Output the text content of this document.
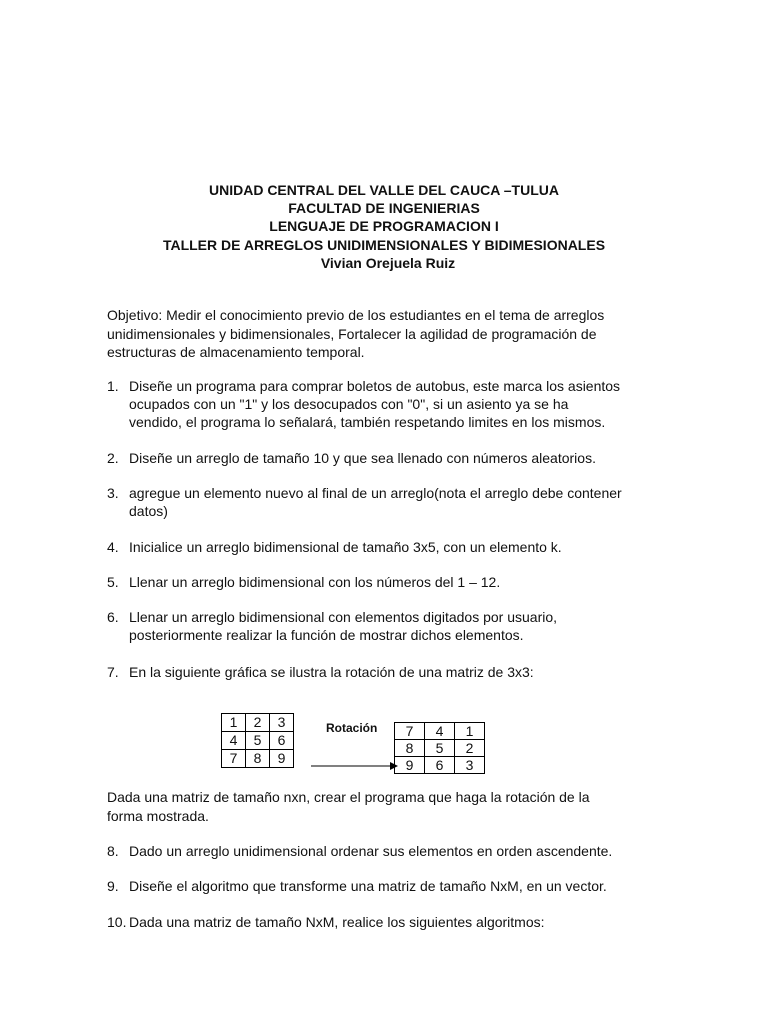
UNIDAD CENTRAL DEL VALLE DEL CAUCA –TULUA
FACULTAD DE INGENIERIAS
LENGUAJE DE PROGRAMACION I
TALLER DE ARREGLOS UNIDIMENSIONALES Y BIDIMESIONALES
Vivian Orejuela Ruiz
Objetivo: Medir el conocimiento previo de los estudiantes en el tema de arreglos
unidimensionales y bidimensionales, Fortalecer la agilidad de programación de
estructuras de almacenamiento temporal.
1. Diseñe un programa para comprar boletos de autobus, este marca los asientos
ocupados con un "1" y los desocupados con "0", si un asiento ya se ha
vendido, el programa lo señalará, también respetando limites en los mismos.
2. Diseñe un arreglo de tamaño 10 y que sea llenado con números aleatorios.
3. agregue un elemento nuevo al final de un arreglo(nota el arreglo debe contener
datos)
4. Inicialice un arreglo bidimensional de tamaño 3x5, con un elemento k.
5. Llenar un arreglo bidimensional con los números del 1 – 12.
6. Llenar un arreglo bidimensional con elementos digitados por usuario,
posteriormente realizar la función de mostrar dichos elementos.
7. En la siguiente gráfica se ilustra la rotación de una matriz de 3x3:
1	2	3
4	5	6
7	8	9
Rotación 7	4	1
8	5	2
9	6	3
Dada una matriz de tamaño nxn, crear el programa que haga la rotación de la
forma mostrada.
8. Dado un arreglo unidimensional ordenar sus elementos en orden ascendente.
9. Diseñe el algoritmo que transforme una matriz de tamaño NxM, en un vector.
10. Dada una matriz de tamaño NxM, realice los siguientes algoritmos:
